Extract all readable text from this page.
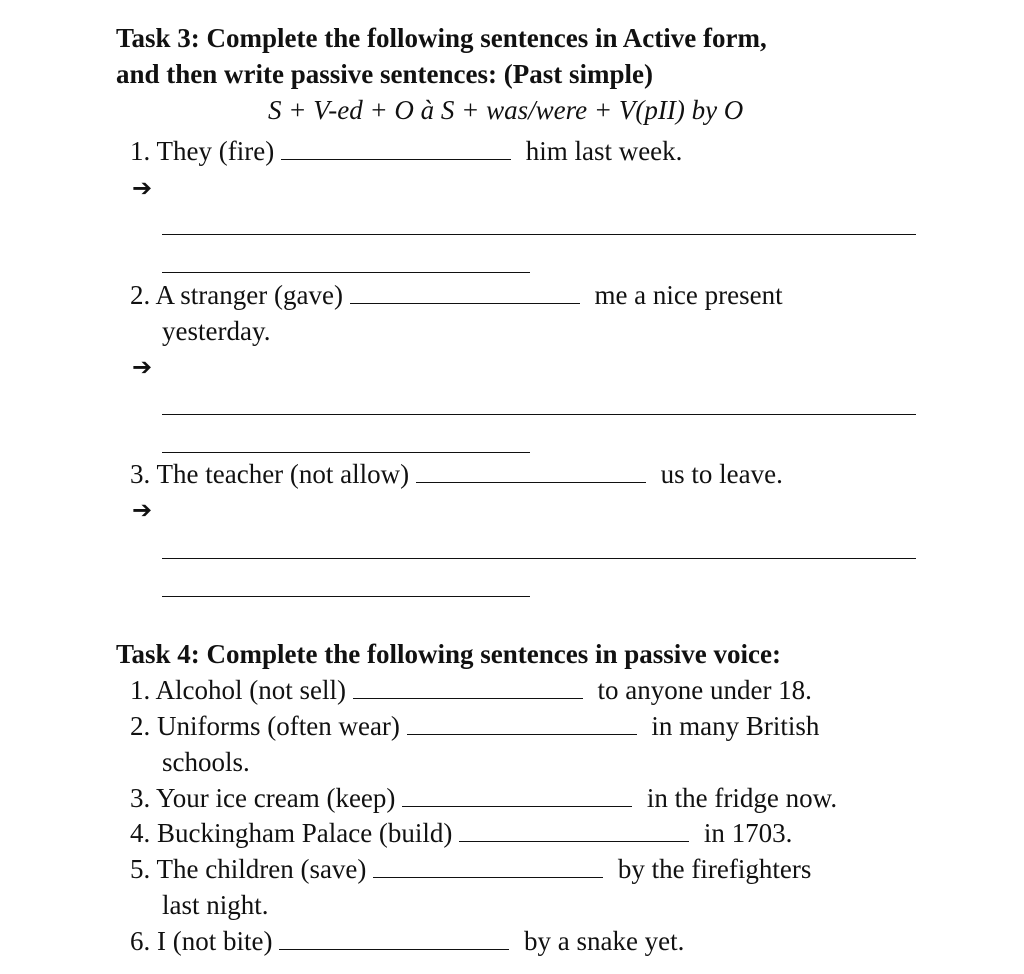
Task 3: Complete the following sentences in Active form,
and then write passive sentences: (Past simple)
S + V-ed + O à S + was/were + V(pII) by O
1. They (fire)	him last week.
➔
2. A stranger (gave)	me a nice present
yesterday.
➔
3. The teacher (not allow)	us to leave.
➔
Task 4: Complete the following sentences in passive voice:
1. Alcohol (not sell)	to anyone under 18.
2. Uniforms (often wear)	in many British
schools.
3. Your ice cream (keep)	in the fridge now.
4. Buckingham Palace (build)	in 1703.
5. The children (save)	by the firefighters
last night.
6. I (not bite)	by a snake yet.
